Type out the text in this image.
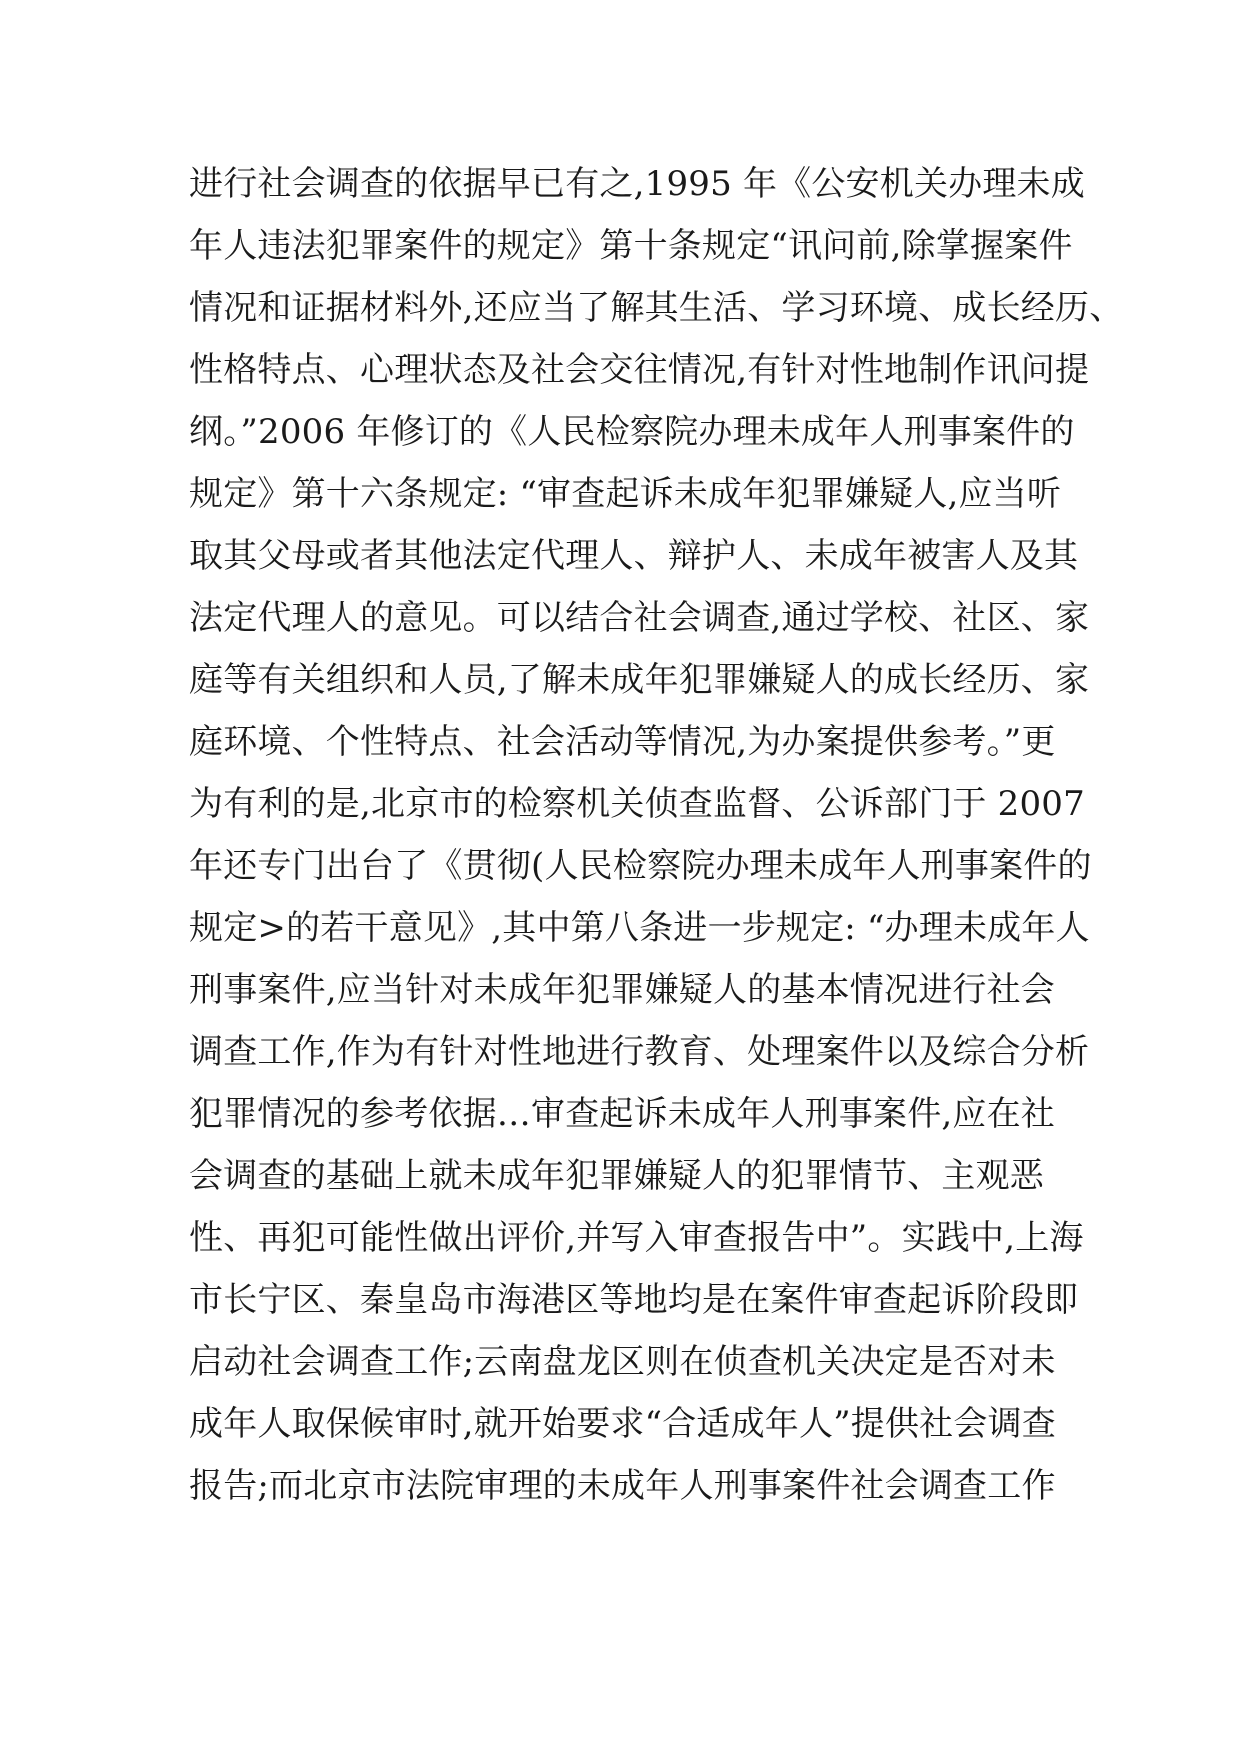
进行社会调查的依据早已有之,1995 年《公安机关办理未成
年人违法犯罪案件的规定》第十条规定“讯问前,除掌握案件
情况和证据材料外,还应当了解其生活、学习环境、成长经历、
性格特点、心理状态及社会交往情况,有针对性地制作讯问提
纲。”2006 年修订的《人民检察院办理未成年人刑事案件的
规定》第十六条规定: “审查起诉未成年犯罪嫌疑人,应当听
取其父母或者其他法定代理人、辩护人、未成年被害人及其
法定代理人的意见。可以结合社会调查,通过学校、社区、家
庭等有关组织和人员,了解未成年犯罪嫌疑人的成长经历、家
庭环境、个性特点、社会活动等情况,为办案提供参考。”更
为有利的是,北京市的检察机关侦查监督、公诉部门于 2007
年还专门出台了《贯彻(人民检察院办理未成年人刑事案件的
规定>的若干意见》,其中第八条进一步规定: “办理未成年人
刑事案件,应当针对未成年犯罪嫌疑人的基本情况进行社会
调查工作,作为有针对性地进行教育、处理案件以及综合分析
犯罪情况的参考依据…审查起诉未成年人刑事案件,应在社
会调查的基础上就未成年犯罪嫌疑人的犯罪情节、主观恶
性、再犯可能性做出评价,并写入审查报告中”。实践中,上海
市长宁区、秦皇岛市海港区等地均是在案件审查起诉阶段即
启动社会调查工作;云南盘龙区则在侦查机关决定是否对未
成年人取保候审时,就开始要求“合适成年人”提供社会调查
报告;而北京市法院审理的未成年人刑事案件社会调查工作
